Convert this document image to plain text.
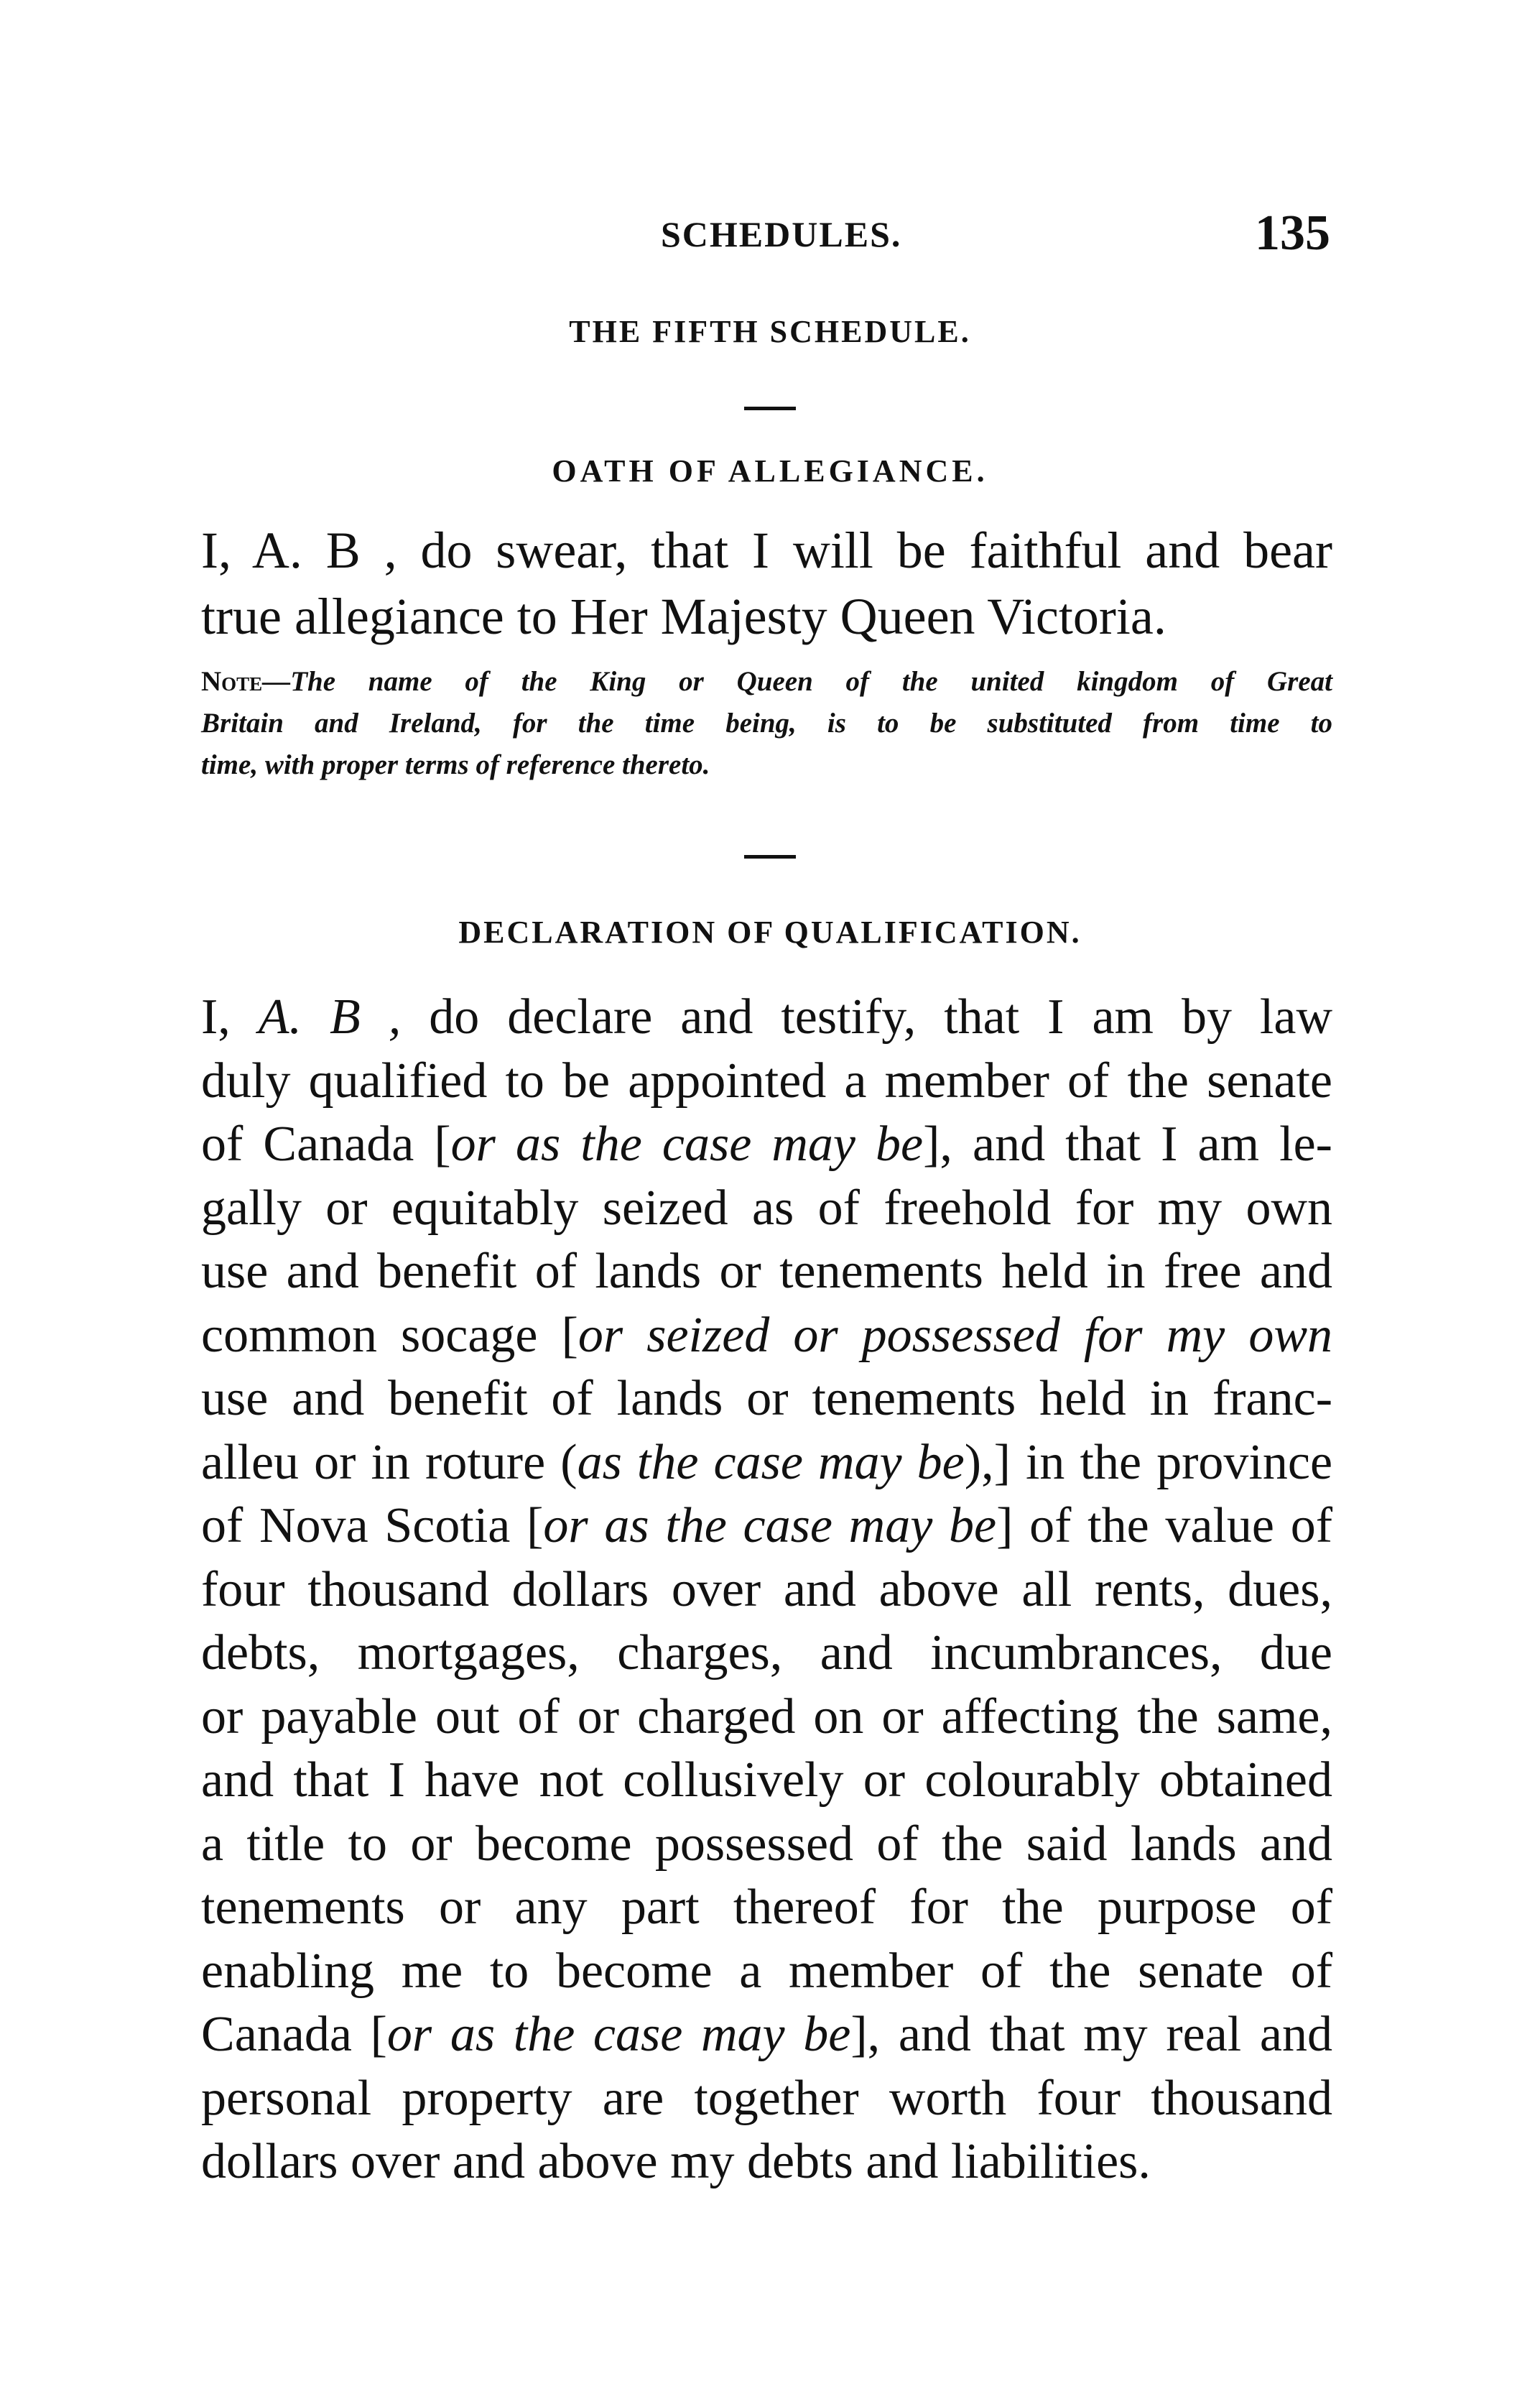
SCHEDULES.	135
THE FIFTH SCHEDULE.
OATH OF ALLEGIANCE.
I, A. B , do swear, that I will be faithful and bear
true allegiance to Her Majesty Queen Victoria.
Note—The name of the King or Queen of the united kingdom of Great
Britain and Ireland, for the time being, is to be substituted from time to
time, with proper terms of reference thereto.
DECLARATION OF QUALIFICATION.
I, A. B , do declare and testify, that I am by law
duly qualified to be appointed a member of the senate
of Canada [or as the case may be], and that I am le-
gally or equitably seized as of freehold for my own
use and benefit of lands or tenements held in free and
common socage [or seized or possessed for my own
use and benefit of lands or tenements held in franc-
alleu or in roture (as the case may be),] in the province
of Nova Scotia [or as the case may be] of the value of
four thousand dollars over and above all rents, dues,
debts, mortgages, charges, and incumbrances, due
or payable out of or charged on or affecting the same,
and that I have not collusively or colourably obtained
a title to or become possessed of the said lands and
tenements or any part thereof for the purpose of
enabling me to become a member of the senate of
Canada [or as the case may be], and that my real and
personal property are together worth four thousand
dollars over and above my debts and liabilities.
